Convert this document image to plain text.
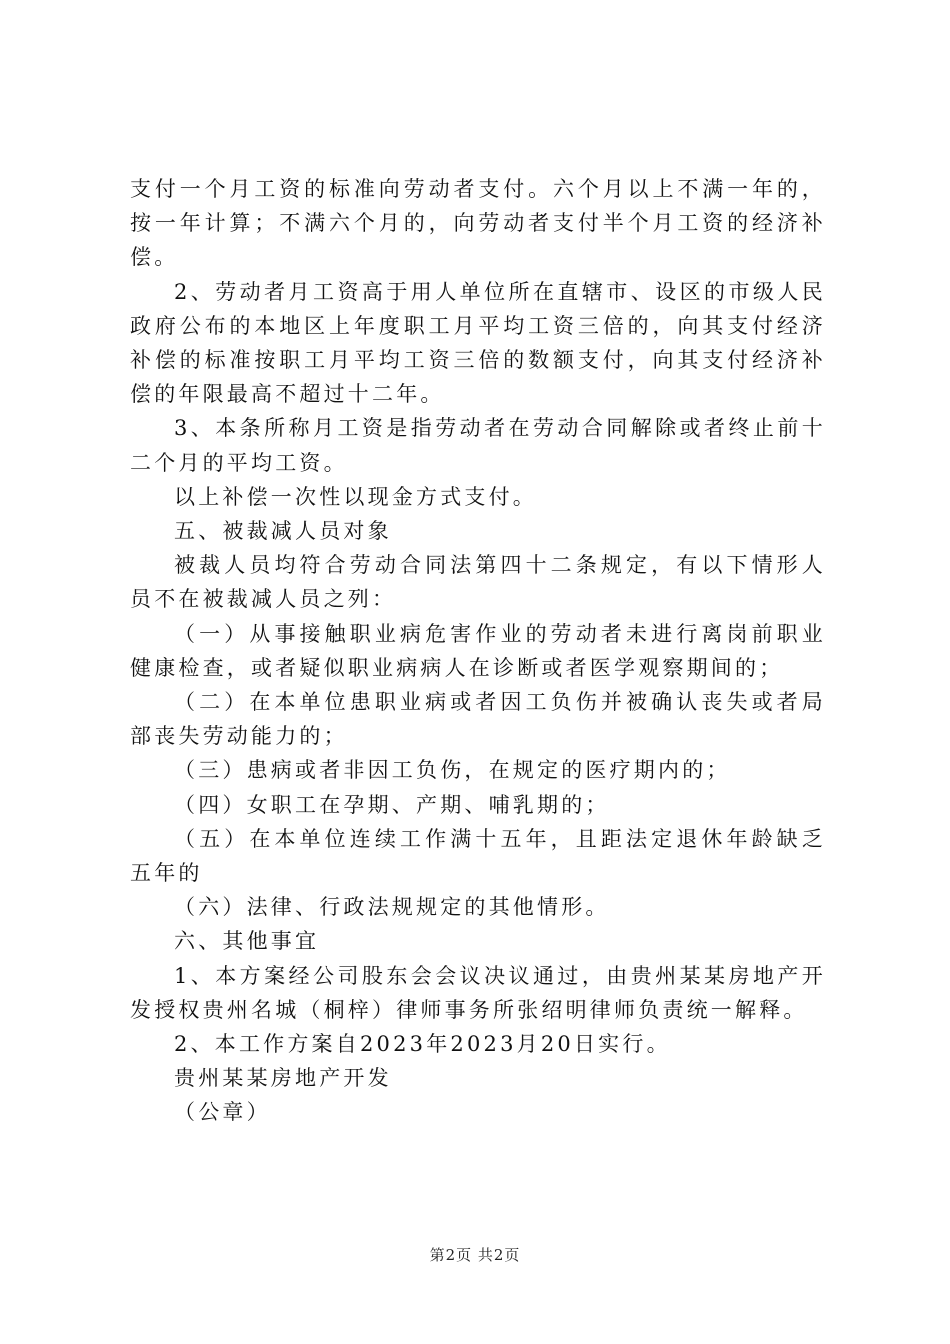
支付一个月工资的标准向劳动者支付。六个月以上不满一年的，按一年计算；不满六个月的，向劳动者支付半个月工资的经济补偿。

2、劳动者月工资高于用人单位所在直辖市、设区的市级人民政府公布的本地区上年度职工月平均工资三倍的，向其支付经济补偿的标准按职工月平均工资三倍的数额支付，向其支付经济补偿的年限最高不超过十二年。

3、本条所称月工资是指劳动者在劳动合同解除或者终止前十二个月的平均工资。

以上补偿一次性以现金方式支付。

五、被裁减人员对象

被裁人员均符合劳动合同法第四十二条规定，有以下情形人员不在被裁减人员之列：

（一）从事接触职业病危害作业的劳动者未进行离岗前职业健康检查，或者疑似职业病病人在诊断或者医学观察期间的；

（二）在本单位患职业病或者因工负伤并被确认丧失或者局部丧失劳动能力的；

（三）患病或者非因工负伤，在规定的医疗期内的；

（四）女职工在孕期、产期、哺乳期的；

（五）在本单位连续工作满十五年，且距法定退休年龄缺乏五年的

（六）法律、行政法规规定的其他情形。

六、其他事宜

1、本方案经公司股东会会议决议通过，由贵州某某房地产开发授权贵州名城（桐梓）律师事务所张绍明律师负责统一解释。

2、本工作方案自2023年2023月20日实行。

贵州某某房地产开发

（公章）

第2页 共2页
